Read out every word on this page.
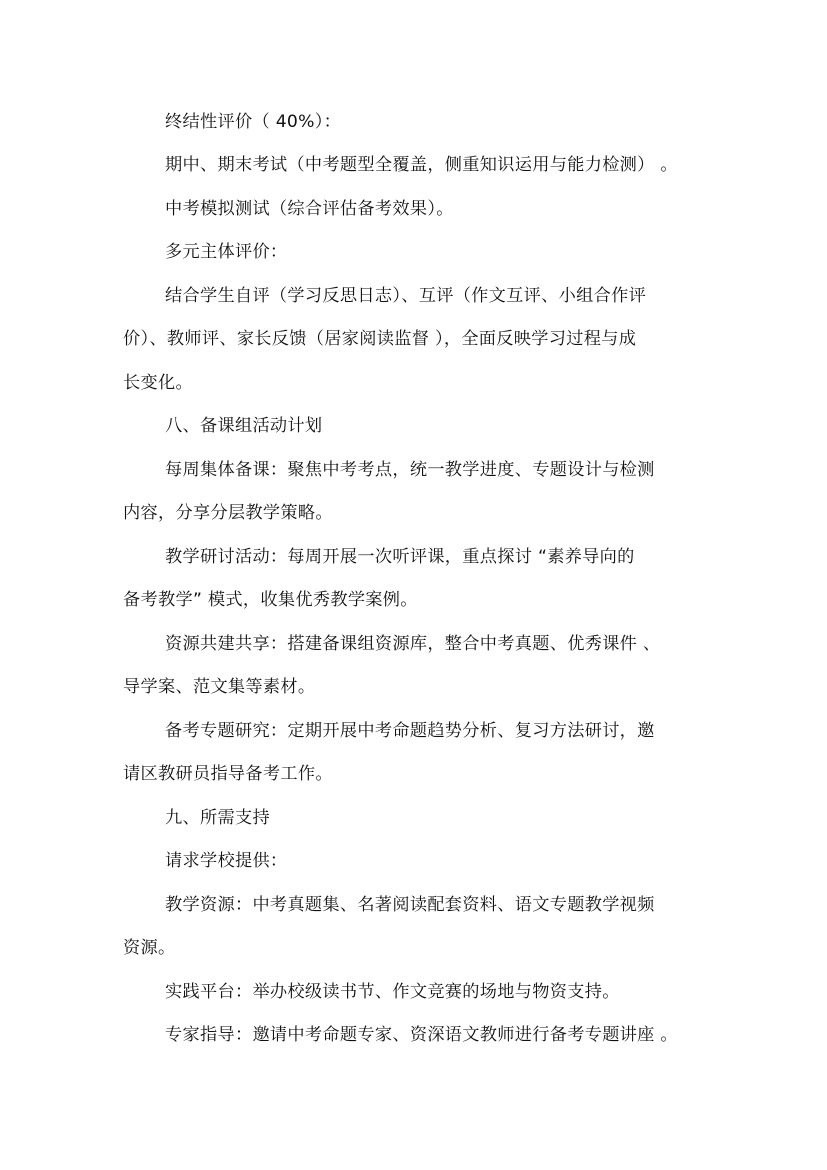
终结性评价（ 40%）：
期中、期末考试（中考题型全覆盖，侧重知识运用与能力检测） 。
中考模拟测试（综合评估备考效果）。
多元主体评价：
结合学生自评（学习反思日志）、互评（作文互评、小组合作评
价）、教师评、家长反馈（居家阅读监督 ），全面反映学习过程与成
长变化。
八、备课组活动计划
每周集体备课：聚焦中考考点，统一教学进度、专题设计与检测
内容，分享分层教学策略。
教学研讨活动：每周开展一次听评课，重点探讨 “素养导向的
备考教学” 模式，收集优秀教学案例。
资源共建共享：搭建备课组资源库，整合中考真题、优秀课件 、
导学案、范文集等素材。
备考专题研究：定期开展中考命题趋势分析、复习方法研讨，邀
请区教研员指导备考工作。
九、所需支持
请求学校提供：
教学资源：中考真题集、名著阅读配套资料、语文专题教学视频
资源。
实践平台：举办校级读书节、作文竞赛的场地与物资支持。
专家指导：邀请中考命题专家、资深语文教师进行备考专题讲座 。
